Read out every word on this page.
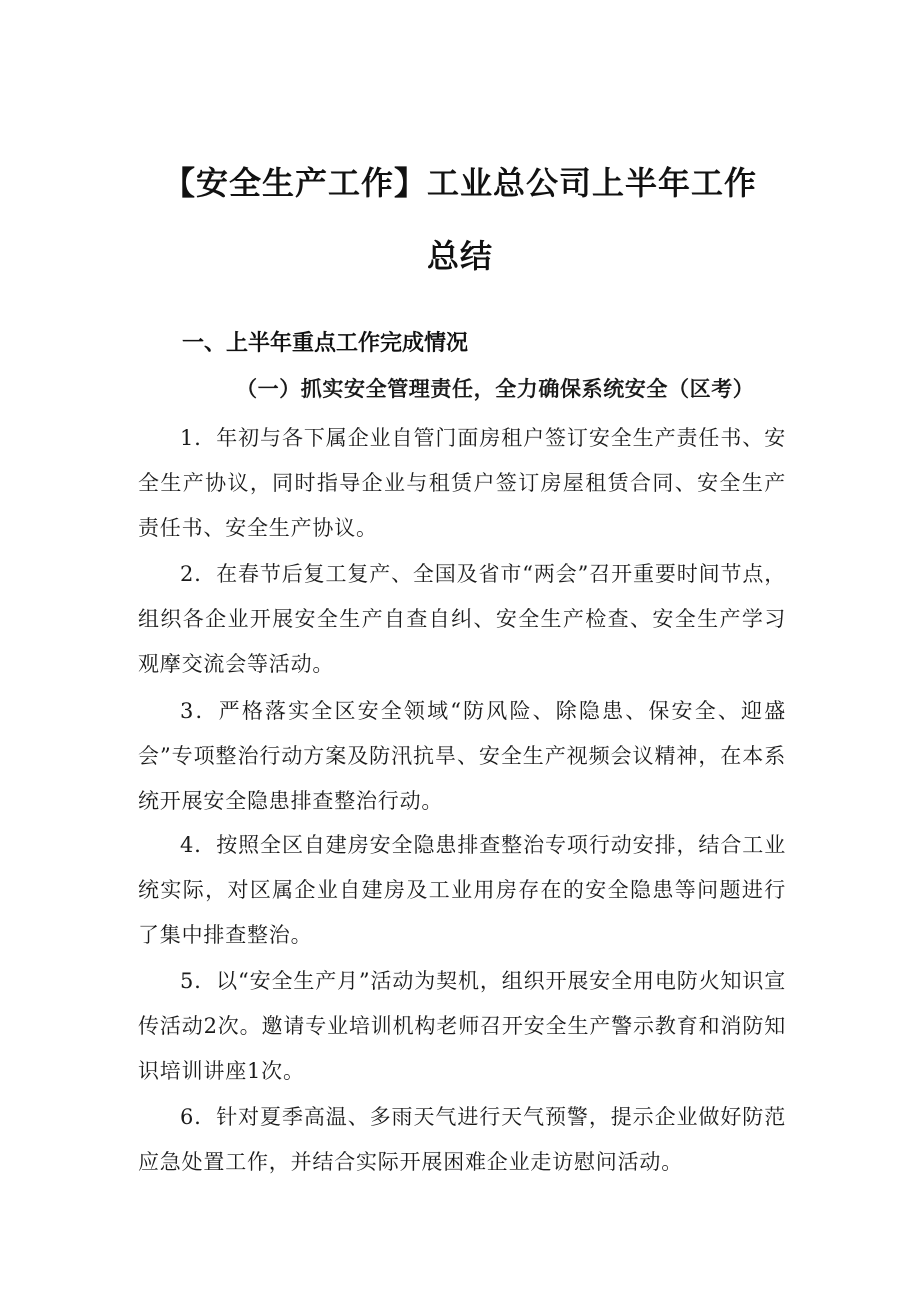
【安全生产工作】工业总公司上半年工作
总结
一、上半年重点工作完成情况
（一）抓实安全管理责任，全力确保系统安全（区考）

1．年初与各下属企业自管门面房租户签订安全生产责任书、安全生产协议，同时指导企业与租赁户签订房屋租赁合同、安全生产责任书、安全生产协议。

2．在春节后复工复产、全国及省市“两会”召开重要时间节点，组织各企业开展安全生产自查自纠、安全生产检查、安全生产学习观摩交流会等活动。

3．严格落实全区安全领域“防风险、除隐患、保安全、迎盛会”专项整治行动方案及防汛抗旱、安全生产视频会议精神，在本系统开展安全隐患排查整治行动。

4．按照全区自建房安全隐患排查整治专项行动安排，结合工业统实际，对区属企业自建房及工业用房存在的安全隐患等问题进行了集中排查整治。

5．以“安全生产月”活动为契机，组织开展安全用电防火知识宣传活动2次。邀请专业培训机构老师召开安全生产警示教育和消防知识培训讲座1次。

6．针对夏季高温、多雨天气进行天气预警，提示企业做好防范应急处置工作，并结合实际开展困难企业走访慰问活动。
